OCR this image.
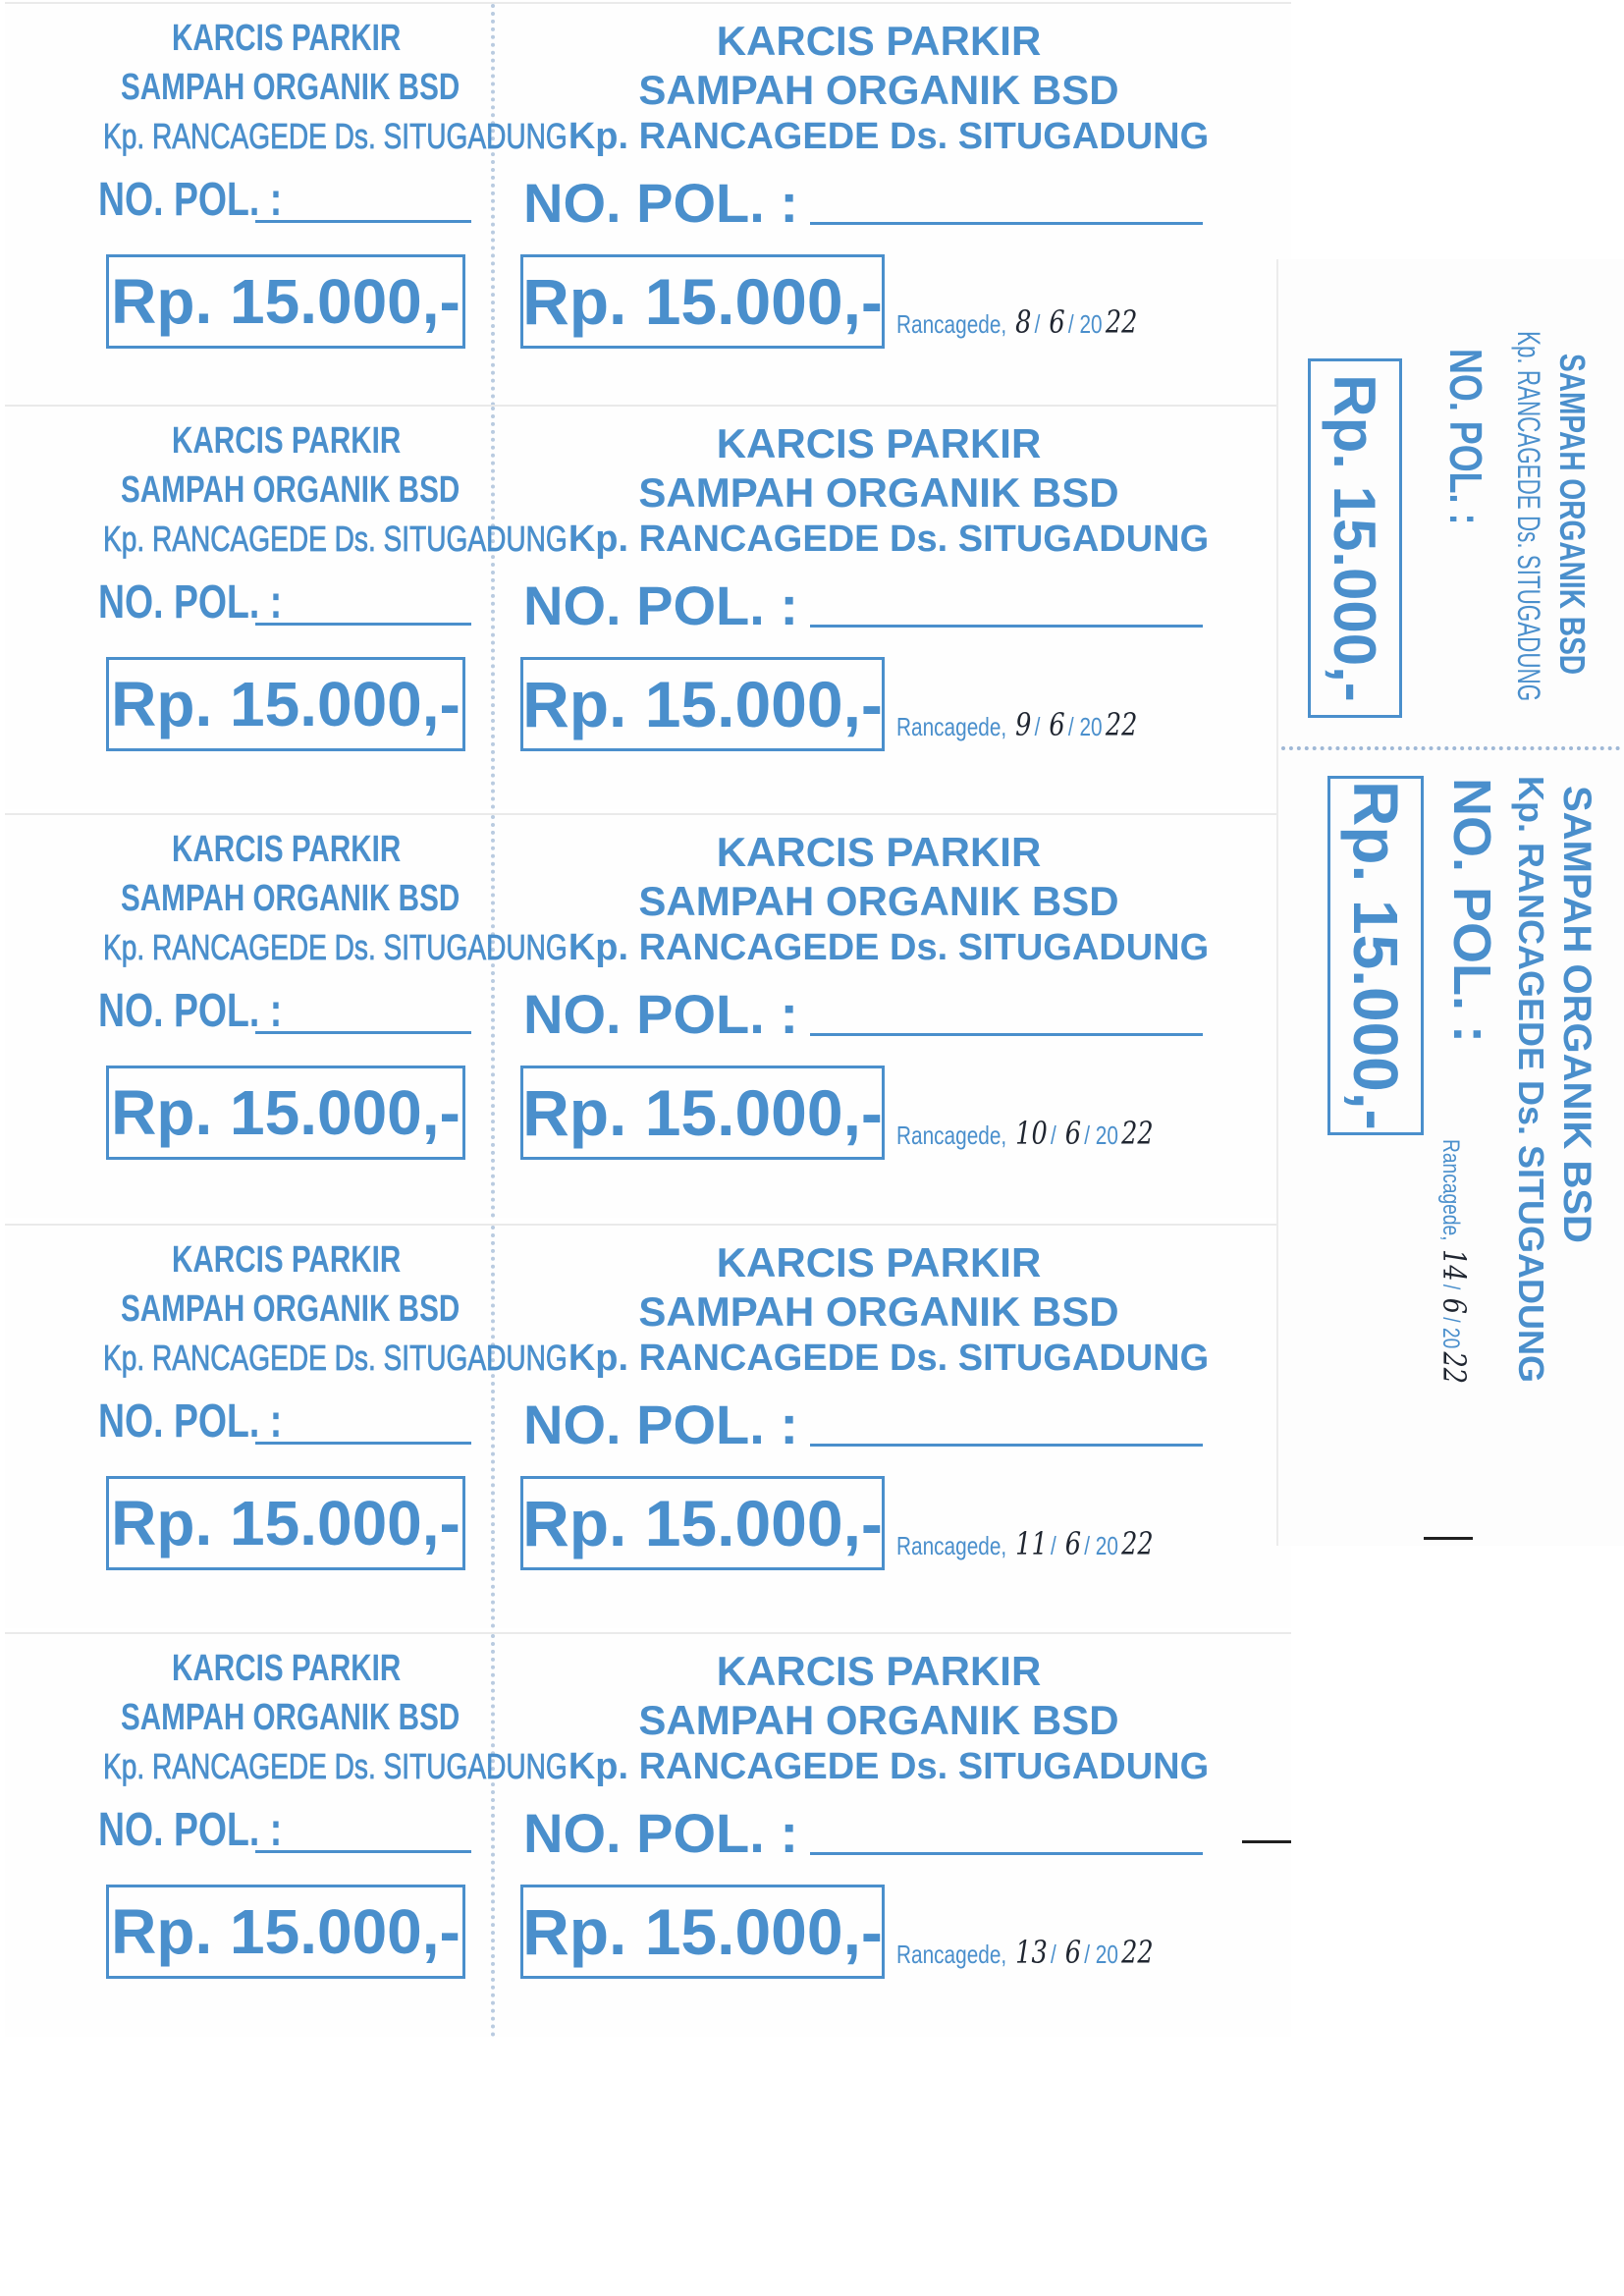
KARCIS PARKIR
SAMPAH ORGANIK BSD
Kp. RANCAGEDE Ds. SITUGADUNG
NO. POL. :
Rp. 15.000,-
KARCIS PARKIR
SAMPAH ORGANIK BSD
Kp. RANCAGEDE Ds. SITUGADUNG
NO. POL. :
Rp. 15.000,- Rancagede, 8 / 6 / 2022
KARCIS PARKIR
SAMPAH ORGANIK BSD
Kp. RANCAGEDE Ds. SITUGADUNG
NO. POL. :
Rp. 15.000,-
KARCIS PARKIR
SAMPAH ORGANIK BSD
Kp. RANCAGEDE Ds. SITUGADUNG
NO. POL. :
Rp. 15.000,- Rancagede, 9 / 6 / 2022
KARCIS PARKIR
SAMPAH ORGANIK BSD
Kp. RANCAGEDE Ds. SITUGADUNG
NO. POL. :
Rp. 15.000,-
KARCIS PARKIR
SAMPAH ORGANIK BSD
Kp. RANCAGEDE Ds. SITUGADUNG
NO. POL. :
Rp. 15.000,- Rancagede, 10 / 6 / 2022
KARCIS PARKIR
SAMPAH ORGANIK BSD
Kp. RANCAGEDE Ds. SITUGADUNG
NO. POL. :
Rp. 15.000,-
KARCIS PARKIR
SAMPAH ORGANIK BSD
Kp. RANCAGEDE Ds. SITUGADUNG
NO. POL. :
Rp. 15.000,- Rancagede, 11 / 6 / 2022
KARCIS PARKIR
SAMPAH ORGANIK BSD
Kp. RANCAGEDE Ds. SITUGADUNG
NO. POL. :
Rp. 15.000,-
KARCIS PARKIR
SAMPAH ORGANIK BSD
Kp. RANCAGEDE Ds. SITUGADUNG
NO. POL. :
Rp. 15.000,- Rancagede, 13 / 6 / 2022
Rp. 15.000,-	NO. POL. : Kp. RANCAGEDE Ds. SITUGADUNG SAMPAH ORGANIK BSD
Rp. 15.000,- NO. POL. : Kp. RANCAGEDE Ds. SITUGADUNG SAMPAH ORGANIK BSD
Rancagede, 14/ 6/ 2022
